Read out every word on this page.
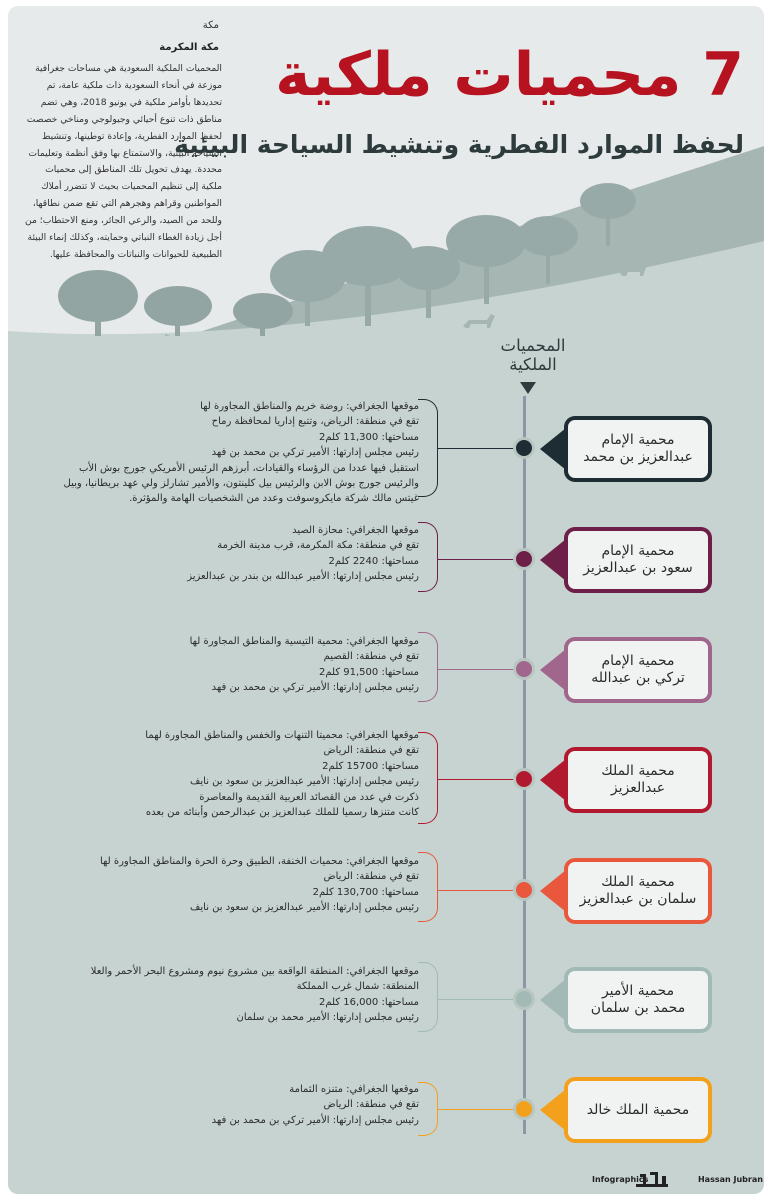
مكة
مكة المكرمة
المحميات الملكية السعودية هي مساحات جغرافية موزعة في أنحاء السعودية ذات ملكية عامة، تم تحديدها بأوامر ملكية في يونيو 2018، وهي تضم مناطق ذات تنوع أحيائي وجيولوجي ومناخي خصصت لحفظ الموارد الفطرية، وإعادة توطينها، وتنشيط السياحة البيئية، والاستمتاع بها وفق أنظمة وتعليمات محددة. يهدف تحويل تلك المناطق إلى محميات ملكية إلى تنظيم المحميات بحيث لا تتضرر أملاك المواطنين وقراهم وهجرهم التي تقع ضمن نطاقها، وللحد من الصيد، والرعي الجائر، ومنع الاحتطاب؛ من أجل زيادة الغطاء النباتي وحمايته، وكذلك إنماء البيئة الطبيعية للحيوانات والنباتات والمحافظة عليها.
7 محميات ملكية
لحفظ الموارد الفطرية وتنشيط السياحة البيئية
المحميات
الملكية
موقعها الجغرافي: روضة خريم والمناطق المجاورة لها
تقع في منطقة: الرياض، وتتبع إداريا لمحافظة رماح
مساحتها: 11,300 كلم2
رئيس مجلس إدارتها: الأمير تركي بن محمد بن فهد
استقبل فيها عددا من الرؤساء والقيادات، أبرزهم الرئيس الأمريكي جورج بوش الأب
والرئيس جورج بوش الابن والرئيس بيل كلينتون، والأمير تشارلز ولي عهد بريطانيا، وبيل
غيتس مالك شركة مايكروسوفت وعدد من الشخصيات الهامة والمؤثرة.
محمية الإمام
عبدالعزيز بن محمد
موقعها الجغرافي: محازة الصيد
تقع في منطقة: مكة المكرمة، قرب مدينة الخرمة
مساحتها: 2240 كلم2
رئيس مجلس إدارتها: الأمير عبدالله بن بندر بن عبدالعزيز
محمية الإمام
سعود بن عبدالعزيز
موقعها الجغرافي: محمية التيسية والمناطق المجاورة لها
تقع في منطقة: القصيم
مساحتها: 91,500 كلم2
رئيس مجلس إدارتها: الأمير تركي بن محمد بن فهد
محمية الإمام
تركي بن عبدالله
موقعها الجغرافي: محميتا التنهات والخفس والمناطق المجاورة لهما
تقع في منطقة: الرياض
مساحتها: 15700 كلم2
رئيس مجلس إدارتها: الأمير عبدالعزيز بن سعود بن نايف
ذكرت في عدد من القصائد العربية القديمة والمعاصرة
كانت متنزها رسميا للملك عبدالعزيز بن عبدالرحمن وأبنائه من بعده
محمية الملك
عبدالعزيز
موقعها الجغرافي: محميات الخنفة، الطبيق وحرة الحرة والمناطق المجاورة لها
تقع في منطقة: الرياض
مساحتها: 130,700 كلم2
رئيس مجلس إدارتها: الأمير عبدالعزيز بن سعود بن نايف
محمية الملك
سلمان بن عبدالعزيز
موقعها الجغرافي: المنطقة الواقعة بين مشروع نيوم ومشروع البحر الأحمر والعلا
المنطقة: شمال غرب المملكة
مساحتها: 16,000 كلم2
رئيس مجلس إدارتها: الأمير محمد بن سلمان
محمية الأمير
محمد بن سلمان
موقعها الجغرافي: متنزه الثمامة
تقع في منطقة: الرياض
رئيس مجلس إدارتها: الأمير تركي بن محمد بن فهد
محمية الملك خالد
Infographics	Hassan Jubran
